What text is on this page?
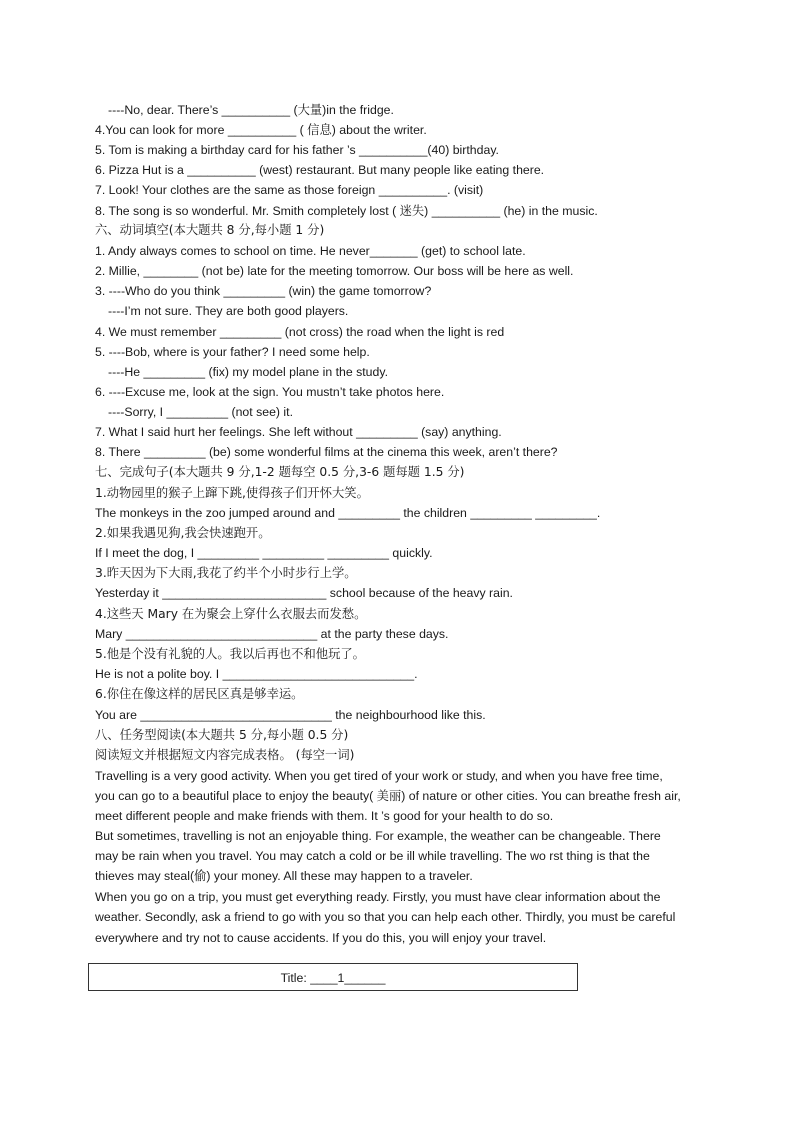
----No, dear. There’s __________ (大量)in the fridge.
4.You can look for more __________ ( 信息) about the writer.
5. Tom is making a birthday card for his father ’s __________(40) birthday.
6. Pizza Hut is a __________ (west) restaurant. But many people like eating there.
7. Look! Your clothes are the same as those foreign __________. (visit)
8. The song is so wonderful. Mr. Smith completely lost ( 迷失) __________ (he) in the music.
六、动词填空(本大题共 8 分,每小题 1 分)
1. Andy always comes to school on time. He never_______ (get) to school late.
2. Millie, ________ (not be) late for the meeting tomorrow. Our boss will be here as well.
3. ----Who do you think _________ (win) the game tomorrow?
----I’m not sure. They are both good players.
4. We must remember _________ (not cross) the road when the light is red
5. ----Bob, where is your father? I need some help.
----He _________ (fix) my model plane in the study.
6. ----Excuse me, look at the sign. You mustn’t take photos here.
----Sorry, I _________ (not see) it.
7. What I said hurt her feelings. She left without _________ (say) anything.
8. There _________ (be) some wonderful films at the cinema this week, aren’t there?
七、完成句子(本大题共 9 分,1-2 题每空 0.5 分,3-6 题每题 1.5 分)
1.动物园里的猴子上蹿下跳,使得孩子们开怀大笑。
The monkeys in the zoo jumped around and _________ the children _________ _________.
2.如果我遇见狗,我会快速跑开。
If I meet the dog, I _________ _________ _________ quickly.
3.昨天因为下大雨,我花了约半个小时步行上学。
Yesterday it ________________________ school because of the heavy rain.
4.这些天 Mary 在为聚会上穿什么衣服去而发愁。
Mary ____________________________ at the party these days.
5.他是个没有礼貌的人。我以后再也不和他玩了。
He is not a polite boy. I ____________________________.
6.你住在像这样的居民区真是够幸运。
You are ____________________________ the neighbourhood like this.
八、任务型阅读(本大题共 5 分,每小题 0.5 分)
阅读短文并根据短文内容完成表格。 (每空一词)
Travelling is a very good activity. When you get tired of your work or study, and when you have free time,
you can go to a beautiful place to enjoy the beauty( 美丽) of nature or other cities. You can breathe fresh air,
meet different people and make friends with them. It ’s good for your health to do so.
But sometimes, travelling is not an enjoyable thing. For example, the weather can be changeable. There
may be rain when you travel. You may catch a cold or be ill while travelling. The wo rst thing is that the
thieves may steal(偷) your money. All these may happen to a traveler.
When you go on a trip, you must get everything ready. Firstly, you must have clear information about the
weather. Secondly, ask a friend to go with you so that you can help each other. Thirdly, you must be careful
everywhere and try not to cause accidents. If you do this, you will enjoy your travel.
Title: ____1______
